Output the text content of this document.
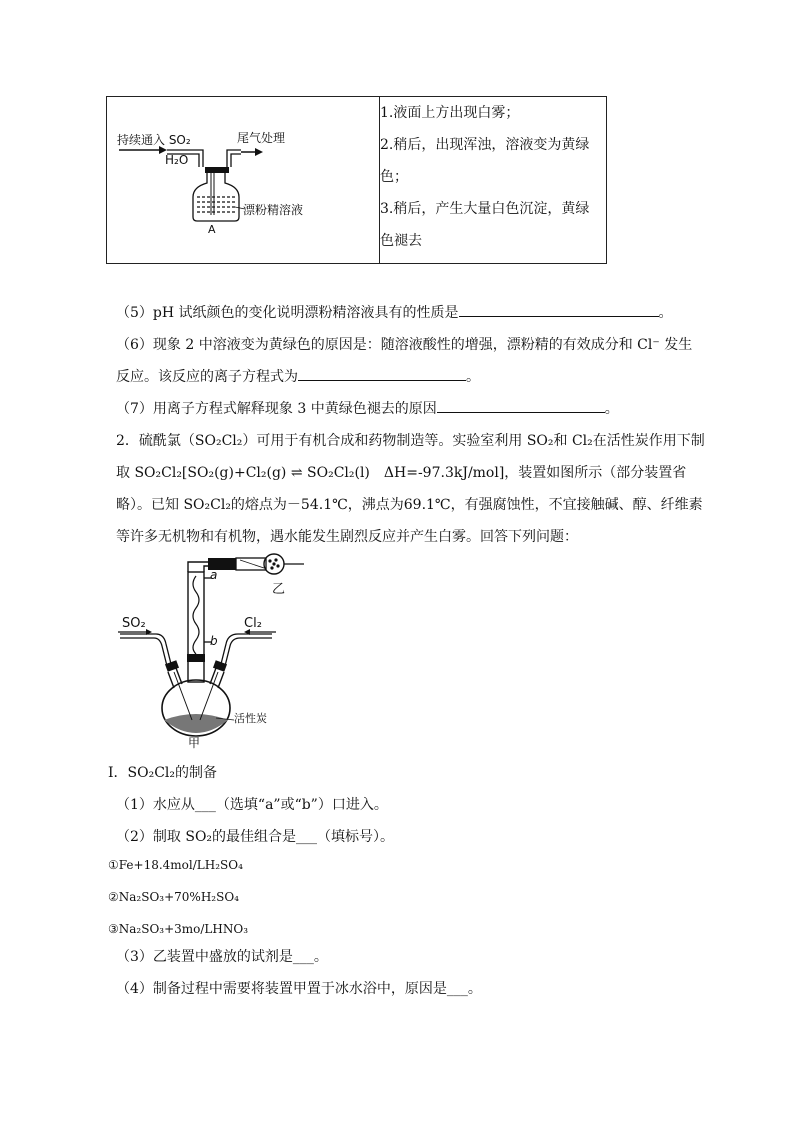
持续通入 SO₂
H₂O
尾气处理
漂粉精溶液
A

1.液面上方出现白雾；
2.稍后，出现浑浊，溶液变为黄绿
色；
3.稍后，产生大量白色沉淀，黄绿
色褪去
（5）pH 试纸颜色的变化说明漂粉精溶液具有的性质是	。
（6）现象 2 中溶液变为黄绿色的原因是：随溶液酸性的增强，漂粉精的有效成分和 Cl⁻ 发生
反应。该反应的离子方程式为	。
（7）用离子方程式解释现象 3 中黄绿色褪去的原因	。
2．硫酰氯（SO₂Cl₂）可用于有机合成和药物制造等。实验室利用 SO₂和 Cl₂在活性炭作用下制
取 SO₂Cl₂[SO₂(g)+Cl₂(g) ⇌ SO₂Cl₂(l)　ΔH=-97.3kJ/mol]，装置如图所示（部分装置省
略）。已知 SO₂Cl₂的熔点为－54.1℃，沸点为69.1℃，有强腐蚀性，不宜接触碱、醇、纤维素
等许多无机物和有机物，遇水能发生剧烈反应并产生白雾。回答下列问题：
乙
a
b
SO₂	Cl₂
活性炭
甲
I．SO₂Cl₂的制备
（1）水应从___（选填“a”或“b”）口进入。
（2）制取 SO₂的最佳组合是___（填标号）。
①Fe+18.4mol/LH₂SO₄
②Na₂SO₃+70%H₂SO₄
③Na₂SO₃+3mo/LHNO₃
（3）乙装置中盛放的试剂是___。
（4）制备过程中需要将装置甲置于冰水浴中，原因是___。
